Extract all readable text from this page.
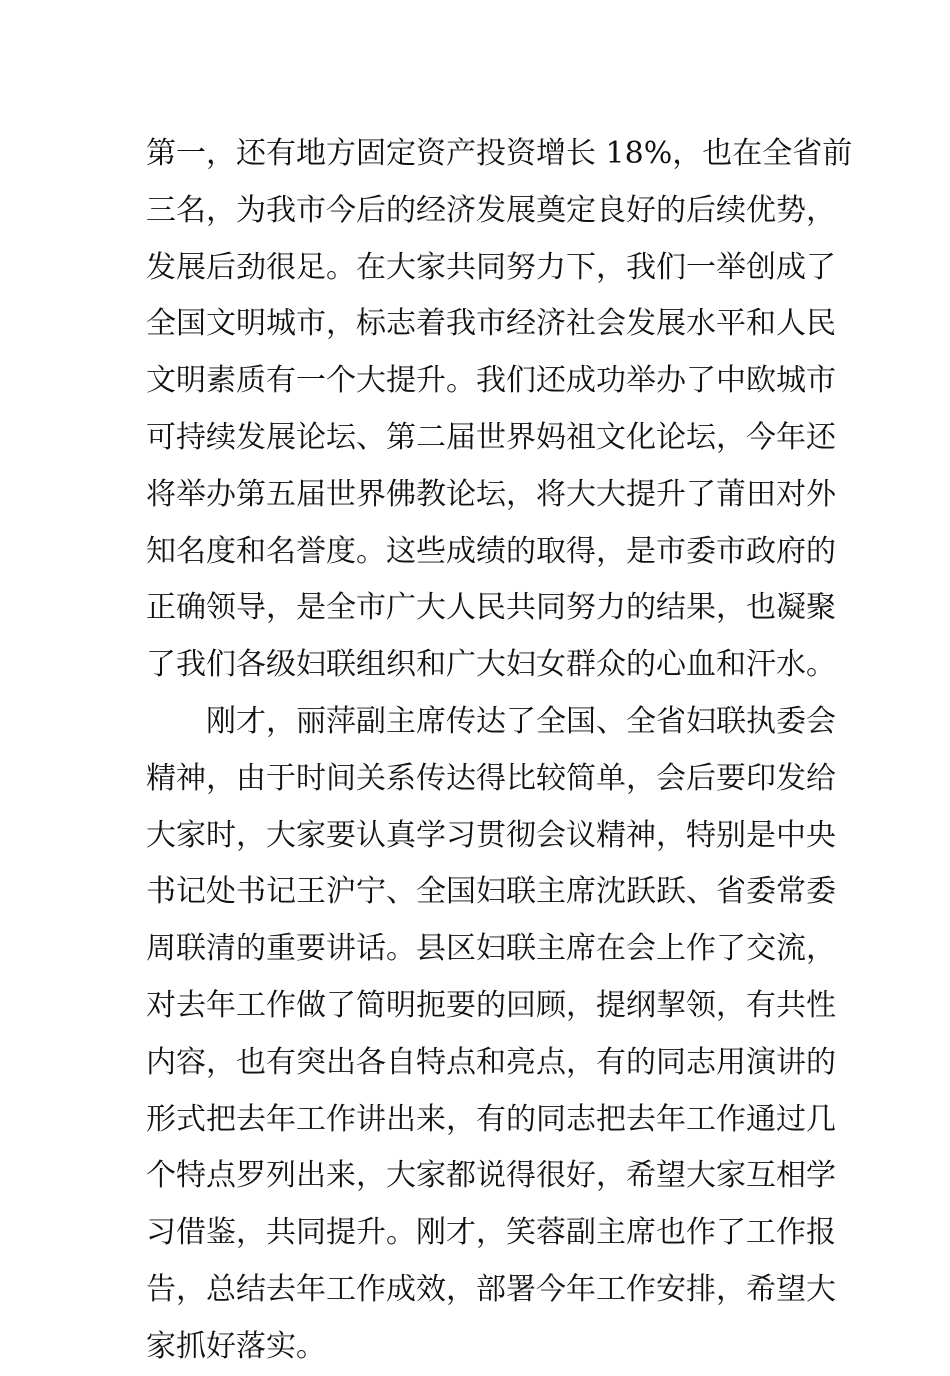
第一，还有地方固定资产投资增长 18%，也在全省前
三名，为我市今后的经济发展奠定良好的后续优势，
发展后劲很足。在大家共同努力下，我们一举创成了
全国文明城市，标志着我市经济社会发展水平和人民
文明素质有一个大提升。我们还成功举办了中欧城市
可持续发展论坛、第二届世界妈祖文化论坛，今年还
将举办第五届世界佛教论坛，将大大提升了莆田对外
知名度和名誉度。这些成绩的取得，是市委市政府的
正确领导，是全市广大人民共同努力的结果，也凝聚
了我们各级妇联组织和广大妇女群众的心血和汗水。
刚才，丽萍副主席传达了全国、全省妇联执委会
精神，由于时间关系传达得比较简单，会后要印发给
大家时，大家要认真学习贯彻会议精神，特别是中央
书记处书记王沪宁、全国妇联主席沈跃跃、省委常委
周联清的重要讲话。县区妇联主席在会上作了交流，
对去年工作做了简明扼要的回顾，提纲挈领，有共性
内容，也有突出各自特点和亮点，有的同志用演讲的
形式把去年工作讲出来，有的同志把去年工作通过几
个特点罗列出来，大家都说得很好，希望大家互相学
习借鉴，共同提升。刚才，笑蓉副主席也作了工作报
告，总结去年工作成效，部署今年工作安排，希望大
家抓好落实。
